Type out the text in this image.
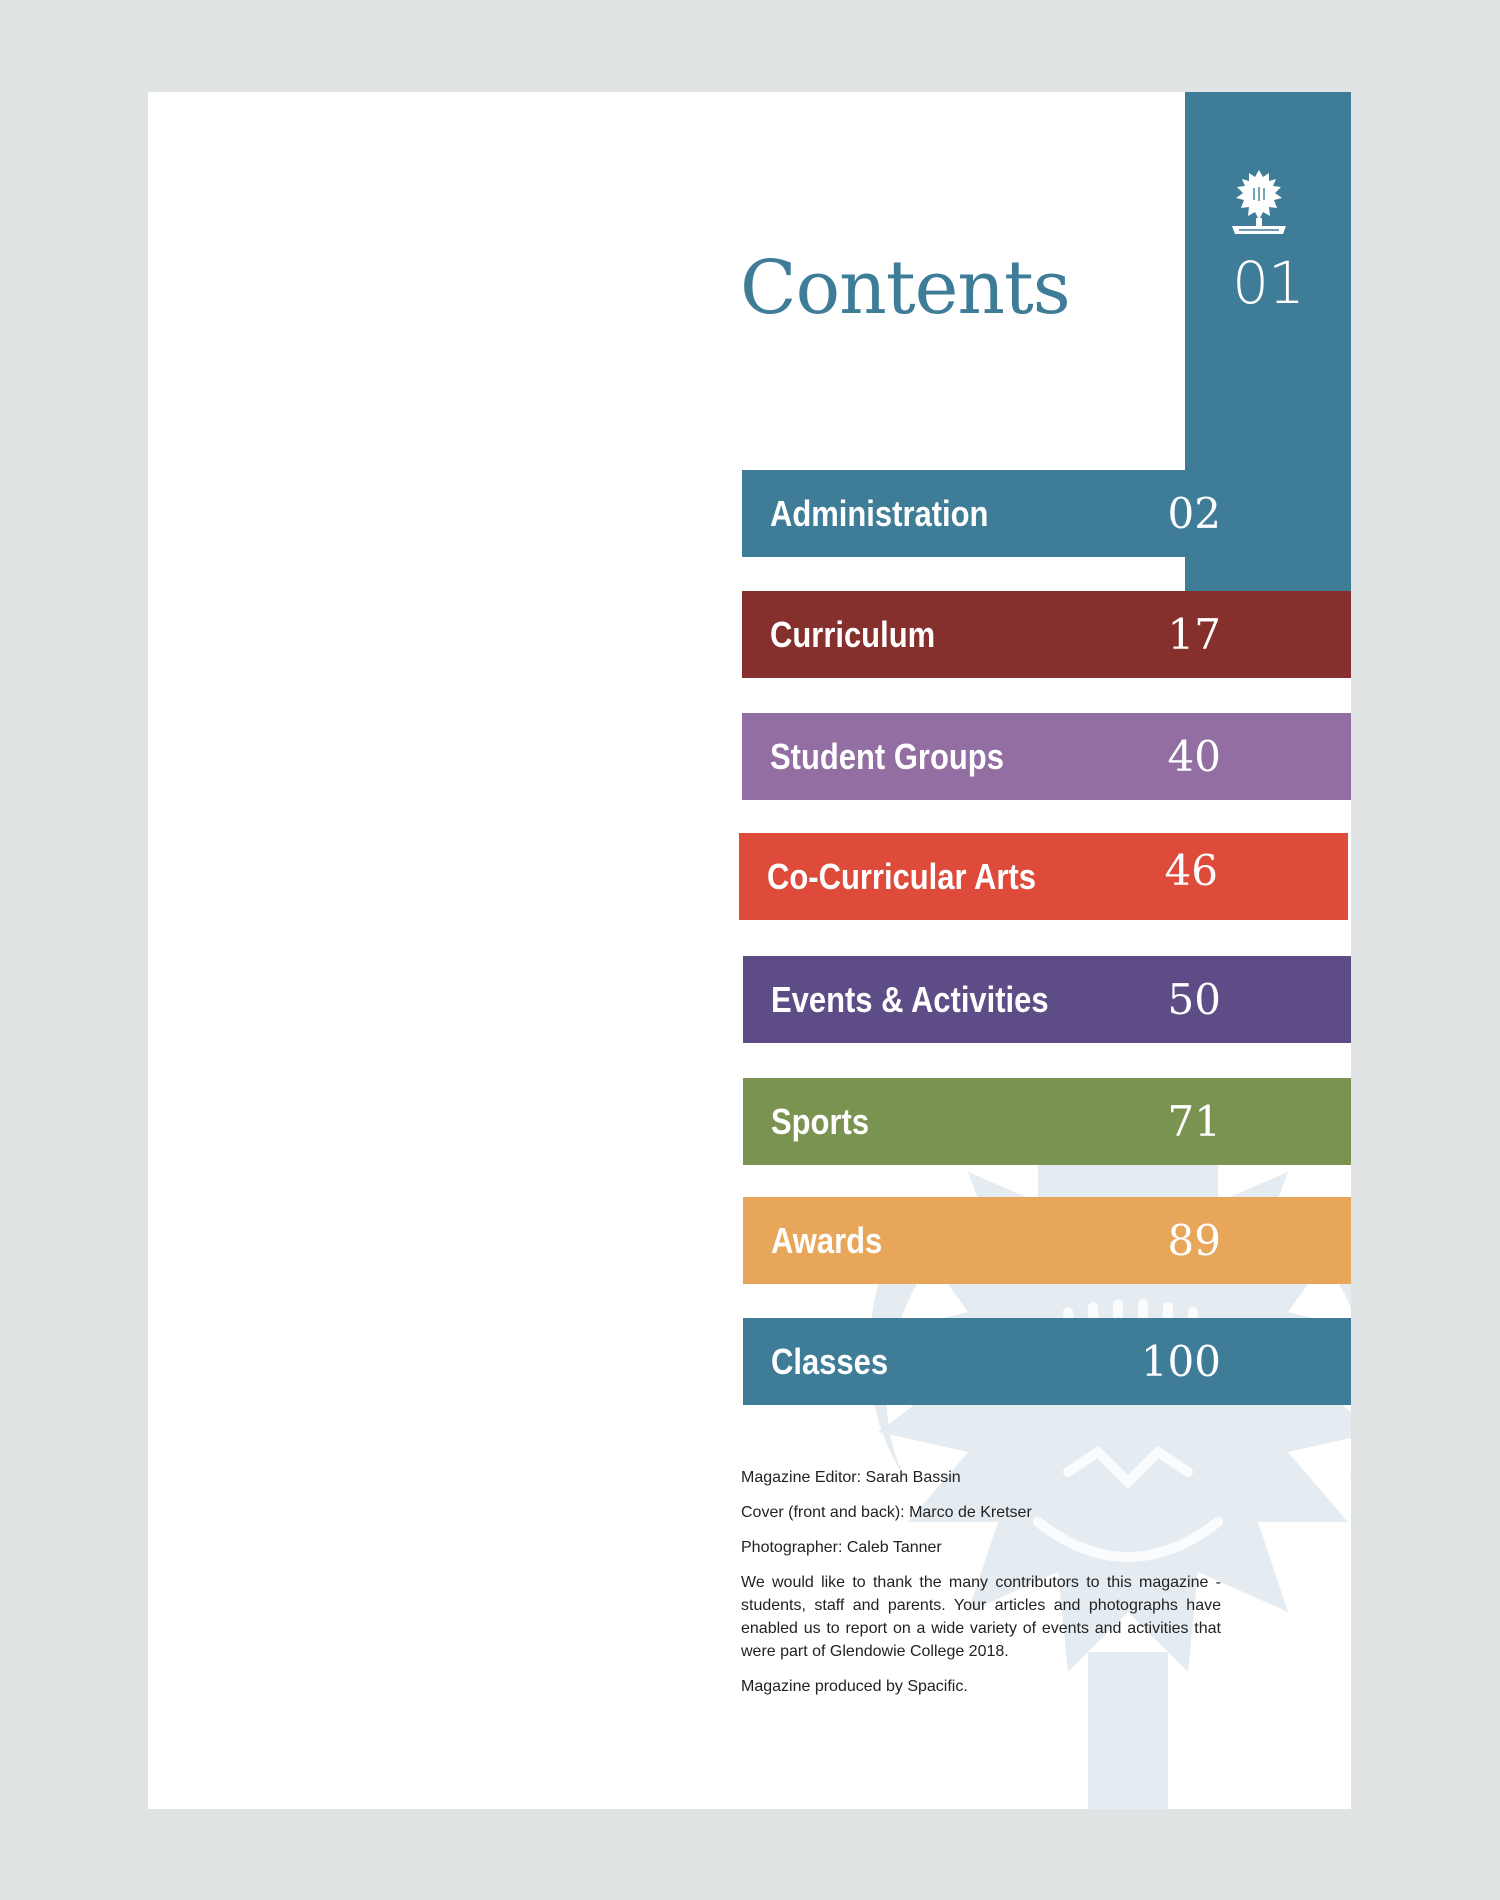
01
Contents
Administration	02
Curriculum	17
Student Groups	40
Co-Curricular Arts	46
Events & Activities	50
Sports	71
Awards	89
Classes	100

Magazine Editor: Sarah Bassin

Cover (front and back): Marco de Kretser

Photographer: Caleb Tanner

We would like to thank the many contributors to this magazine - students, staff and parents. Your articles and photographs have enabled us to report on a wide variety of events and activities that were part of Glendowie College 2018.

Magazine produced by Spacific.
